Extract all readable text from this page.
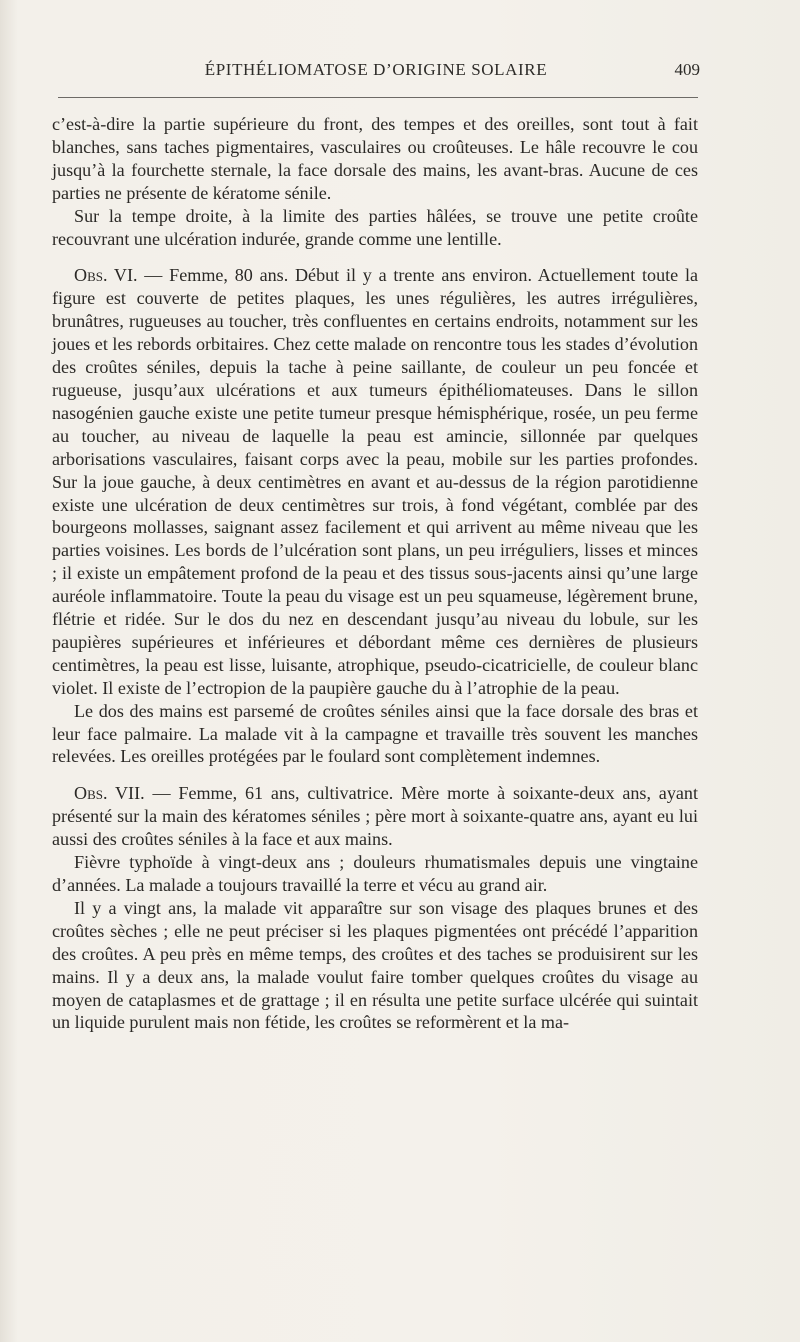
ÉPITHÉLIOMATOSE D’ORIGINE SOLAIRE	409

c’est-à-dire la partie supérieure du front, des tempes et des oreilles, sont tout à fait blanches, sans taches pigmentaires, vasculaires ou croûteuses. Le hâle recouvre le cou jusqu’à la fourchette sternale, la face dorsale des mains, les avant-bras. Aucune de ces parties ne présente de kératome sénile.

Sur la tempe droite, à la limite des parties hâlées, se trouve une petite croûte recouvrant une ulcération indurée, grande comme une lentille.

Obs. VI. — Femme, 80 ans. Début il y a trente ans environ. Actuellement toute la figure est couverte de petites plaques, les unes régulières, les autres irrégulières, brunâtres, rugueuses au toucher, très confluentes en certains endroits, notamment sur les joues et les rebords orbitaires. Chez cette malade on rencontre tous les stades d’évolution des croûtes séniles, depuis la tache à peine saillante, de couleur un peu foncée et rugueuse, jusqu’aux ulcérations et aux tumeurs épithéliomateuses. Dans le sillon nasogénien gauche existe une petite tumeur presque hémisphérique, rosée, un peu ferme au toucher, au niveau de laquelle la peau est amincie, sillonnée par quelques arborisations vasculaires, faisant corps avec la peau, mobile sur les parties profondes. Sur la joue gauche, à deux centimètres en avant et au-dessus de la région parotidienne existe une ulcération de deux centimètres sur trois, à fond végétant, comblée par des bourgeons mollasses, saignant assez facilement et qui arrivent au même niveau que les parties voisines. Les bords de l’ulcération sont plans, un peu irréguliers, lisses et minces ; il existe un empâtement profond de la peau et des tissus sous-jacents ainsi qu’une large auréole inflammatoire. Toute la peau du visage est un peu squameuse, légèrement brune, flétrie et ridée. Sur le dos du nez en descendant jusqu’au niveau du lobule, sur les paupières supérieures et inférieures et débordant même ces dernières de plusieurs centimètres, la peau est lisse, luisante, atrophique, pseudo-cicatricielle, de couleur blanc violet. Il existe de l’ectropion de la paupière gauche du à l’atrophie de la peau.

Le dos des mains est parsemé de croûtes séniles ainsi que la face dorsale des bras et leur face palmaire. La malade vit à la campagne et travaille très souvent les manches relevées. Les oreilles protégées par le foulard sont complètement indemnes.

Obs. VII. — Femme, 61 ans, cultivatrice. Mère morte à soixante-deux ans, ayant présenté sur la main des kératomes séniles ; père mort à soixante-quatre ans, ayant eu lui aussi des croûtes séniles à la face et aux mains.

Fièvre typhoïde à vingt-deux ans ; douleurs rhumatismales depuis une vingtaine d’années. La malade a toujours travaillé la terre et vécu au grand air.

Il y a vingt ans, la malade vit apparaître sur son visage des plaques brunes et des croûtes sèches ; elle ne peut préciser si les plaques pigmentées ont précédé l’apparition des croûtes. A peu près en même temps, des croûtes et des taches se produisirent sur les mains. Il y a deux ans, la malade voulut faire tomber quelques croûtes du visage au moyen de cataplasmes et de grattage ; il en résulta une petite surface ulcérée qui suintait un liquide purulent mais non fétide, les croûtes se reformèrent et la ma-
